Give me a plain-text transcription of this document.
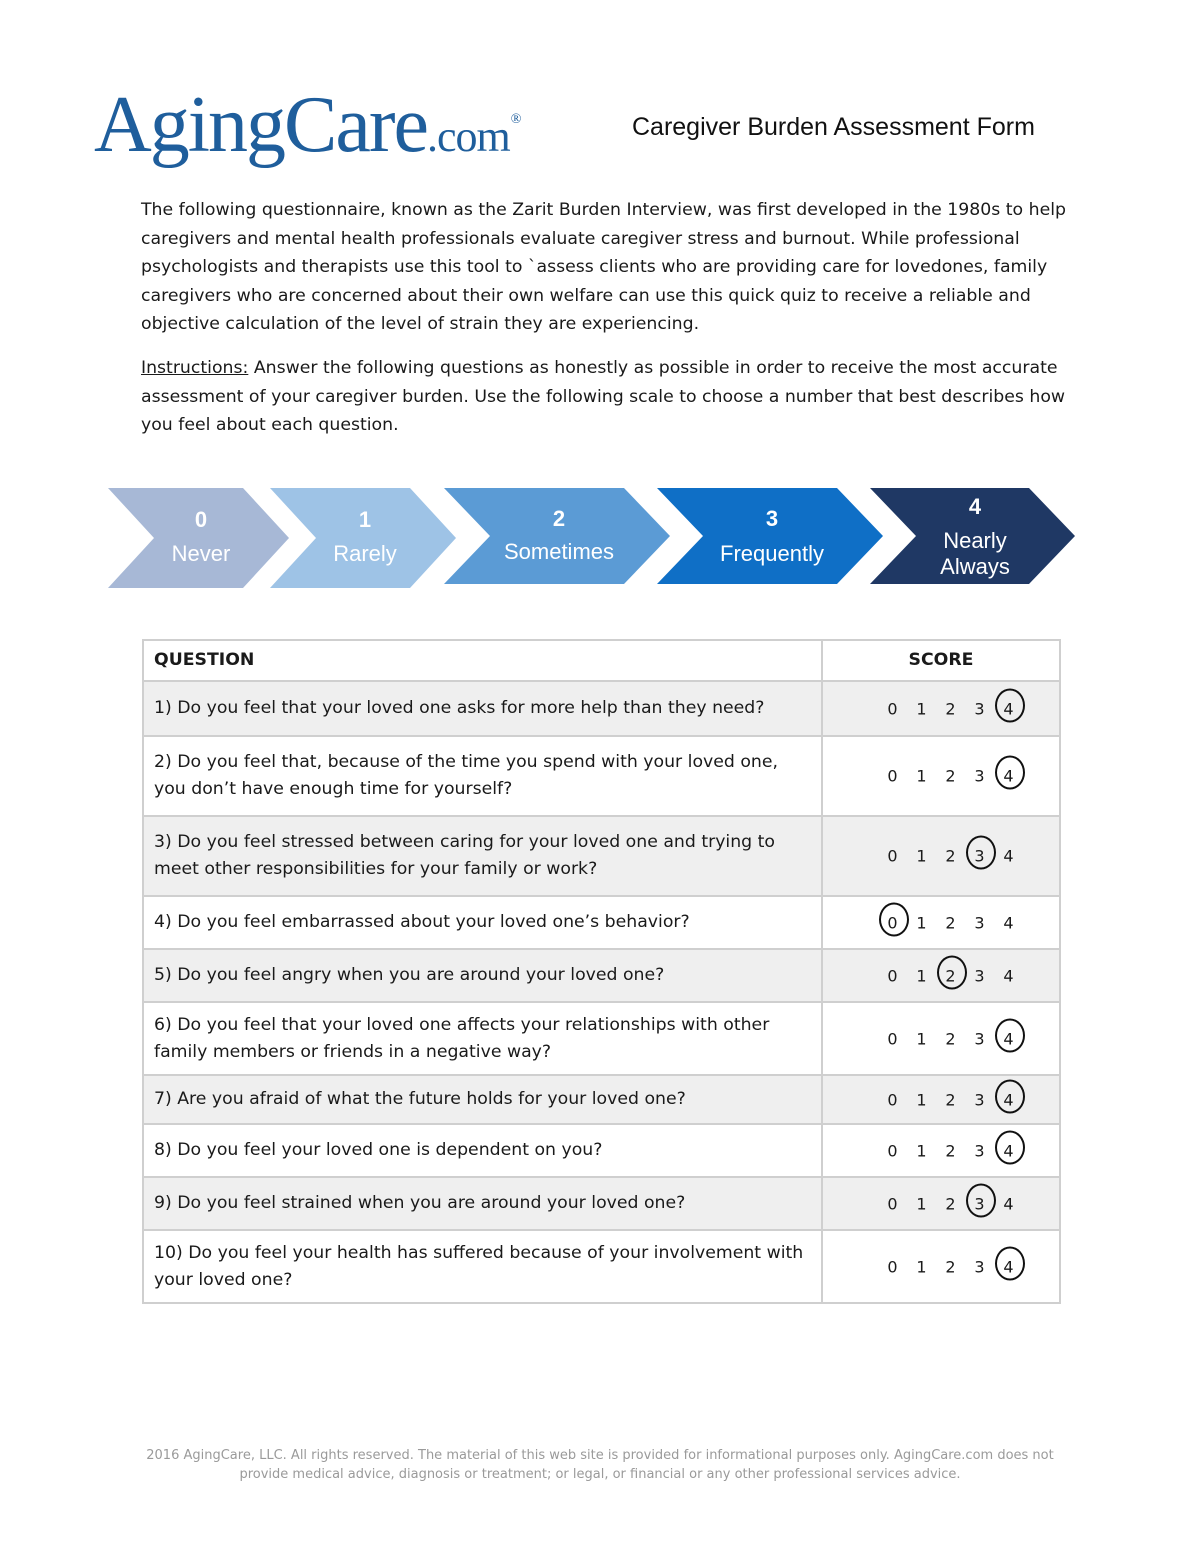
AgingCare.com®	Caregiver Burden Assessment Form

The following questionnaire, known as the Zarit Burden Interview, was first developed in the 1980s to help caregivers and mental health professionals evaluate caregiver stress and burnout. While professional psychologists and therapists use this tool to `assess clients who are providing care for lovedones, family caregivers who are concerned about their own welfare can use this quick quiz to receive a reliable and objective calculation of the level of strain they are experiencing.

Instructions: Answer the following questions as honestly as possible in order to receive the most accurate assessment of your caregiver burden. Use the following scale to choose a number that best describes how you feel about each question.

0
Never
1
Rarely
2
Sometimes
3
Frequently
4
Nearly
Always
QUESTION	SCORE
1) Do you feel that your loved one asks for more help than they need?	0 1 2 3 4

2) Do you feel that, because of the time you spend with your loved one, you don’t have enough time for yourself?	0 1 2 3 4

3) Do you feel stressed between caring for your loved one and trying to meet other responsibilities for your family or work?	0 1 2 3 4

4) Do you feel embarrassed about your loved one’s behavior?	0 1 2 3 4

5) Do you feel angry when you are around your loved one?	0 1 2 3 4

6) Do you feel that your loved one affects your relationships with other family members or friends in a negative way?	0 1 2 3 4

7) Are you afraid of what the future holds for your loved one?	0 1 2 3 4

8) Do you feel your loved one is dependent on you?	0 1 2 3 4

9) Do you feel strained when you are around your loved one?	0 1 2 3 4

10) Do you feel your health has suffered because of your involvement with your loved one?	0 1 2 3 4

2016 AgingCare, LLC. All rights reserved. The material of this web site is provided for informational purposes only. AgingCare.com does not provide medical advice, diagnosis or treatment; or legal, or financial or any other professional services advice.
